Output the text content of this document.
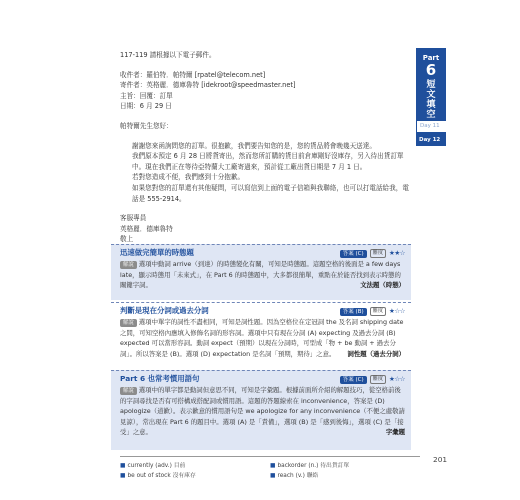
117-119 請根據以下電子郵件。
收件者：羅伯特．帕特爾 [rpatel@telecom.net]
寄件者：英格麗．德庫魯特 [idekroot@speedmaster.net]
主旨：回覆：訂單
日期：6 月 29 日
帕特爾先生您好：
謝謝您來函詢問您的訂單。很抱歉，我們要告知您的是，您的貨品將會晚幾天送達。
我們原本預定 6 月 28 日將貨寄出，然而您所訂購的貨目前倉庫剛好沒庫存，另入待出貨訂單中。現在我們正在等待亞特蘭大工廠寄過來，預計從工廠出貨日期是 7 月 1 日。
若對您造成不便，我們感到十分抱歉。
如果您對您的訂單還有其他疑問，可以寫信到上面的電子信箱與我聯絡，也可以打電話給我，電話是 555-2914。
客服專員
英格麗．德庫魯特
敬上
Part
6
短文填空
Day 11
Day 12
迅速做完簡單的時態題	答案 (C)	難度 ★★☆
解說 選項中動詞 arrive（到達）的時態變化有關，可知是時態題。這題空格的後面是 a few days late，顯示時態用「未來式」，在 Part 6 的時態題中，大多都很簡單，重點在於能否找到表示時態的關鍵字詞。	文法題（時態）
判斷是現在分詞或過去分詞	答案 (B)	難度 ★☆☆
解說 選項中單字的詞性不盡相同，可知是詞性題。因為空格位在定冠詞 the 及名詞 shipping date 之間，可知空格內應填入修飾名詞的形容詞。選項中只有現在分詞 (A) expecting 及過去分詞 (B) expected 可以當形容詞。動詞 expect（預期）以現在分詞時，可型成「物 + be 動詞 + 過去分詞」。所以答案是 (B)。選項 (D) expectation 是名詞「預期，期待」之意。 詞性題（過去分詞）
Part 6 也常考慣用語句	答案 (C)	難度 ★☆☆
解說 選項中的單字都是動詞但意思不同，可知是字彙題。根據前面所介紹的解題技巧，從空格前後的字詞尋找是否有可搭構成搭配詞或慣用語。這題的答題線索在 inconvenience，答案是 (D) apologize（道歉）。表示歉意的慣用語句是 we apologize for any inconvenience（不便之處敬請見諒），常出現在 Part 6 的題目中。選項 (A) 是「責備」，選項 (B) 是「感到後悔」，選項 (C) 是「接受」之意。	字彙題
■ currently (adv.) 目前	■ backorder (n.) 待出貨訂單
■ be out of stock 沒有庫存	■ reach (v.) 聯絡
201
